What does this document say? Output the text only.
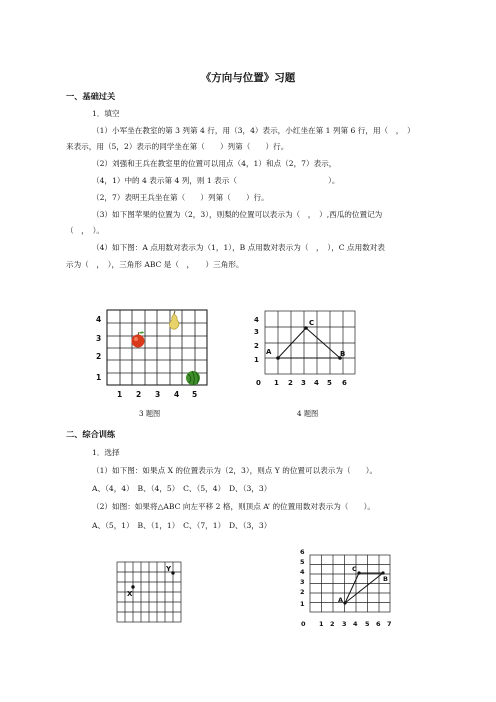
《方向与位置》习题
一、基础过关
1．填空
（1）小军坐在教室的第 3 列第 4 行，用（3，4）表示，小红坐在第 1 列第 6 行，用（　，　）
来表示，用（5，2）表示的同学坐在第（　　）列第（　　）行。
（2）刘强和王兵在教室里的位置可以用点（4，1）和点（2，7）表示，
（4，1）中的 4 表示第 4 列，则 1 表示（　　　　　　　　　　　　）。
（2，7）表明王兵坐在第（　　）列第（　　）行。
（3）如下图苹果的位置为（2，3），则梨的位置可以表示为（　，　）,西瓜的位置记为
（　，　）。
（4）如下图：A 点用数对表示为（1，1），B 点用数对表示为（　，　），C 点用数对表
示为（　，　），三角形 ABC 是（　，　　）三角形。
4
3
2
1
1 2 3 4 5
3 题图
A	B
C
4
3
2
1
0 1 2 3 4 5 6
4 题图
二、综合训练
1．选择
（1）如下图：如果点 X 的位置表示为（2，3），则点 Y 的位置可以表示为（　　）。
A、（4，4）　B、（4，5）　C、（5，4）　D、（3，3）
（2）如图：如果将△ABC 向左平移 2 格，则顶点 A’ 的位置用数对表示为（　　）。
A、（5，1）　B、（1，1）　C、（7，1）　D、（3，3）
X
Y
A
B
C
6
5
4
3
2
1
0 1 2 3 4 5 6 7
